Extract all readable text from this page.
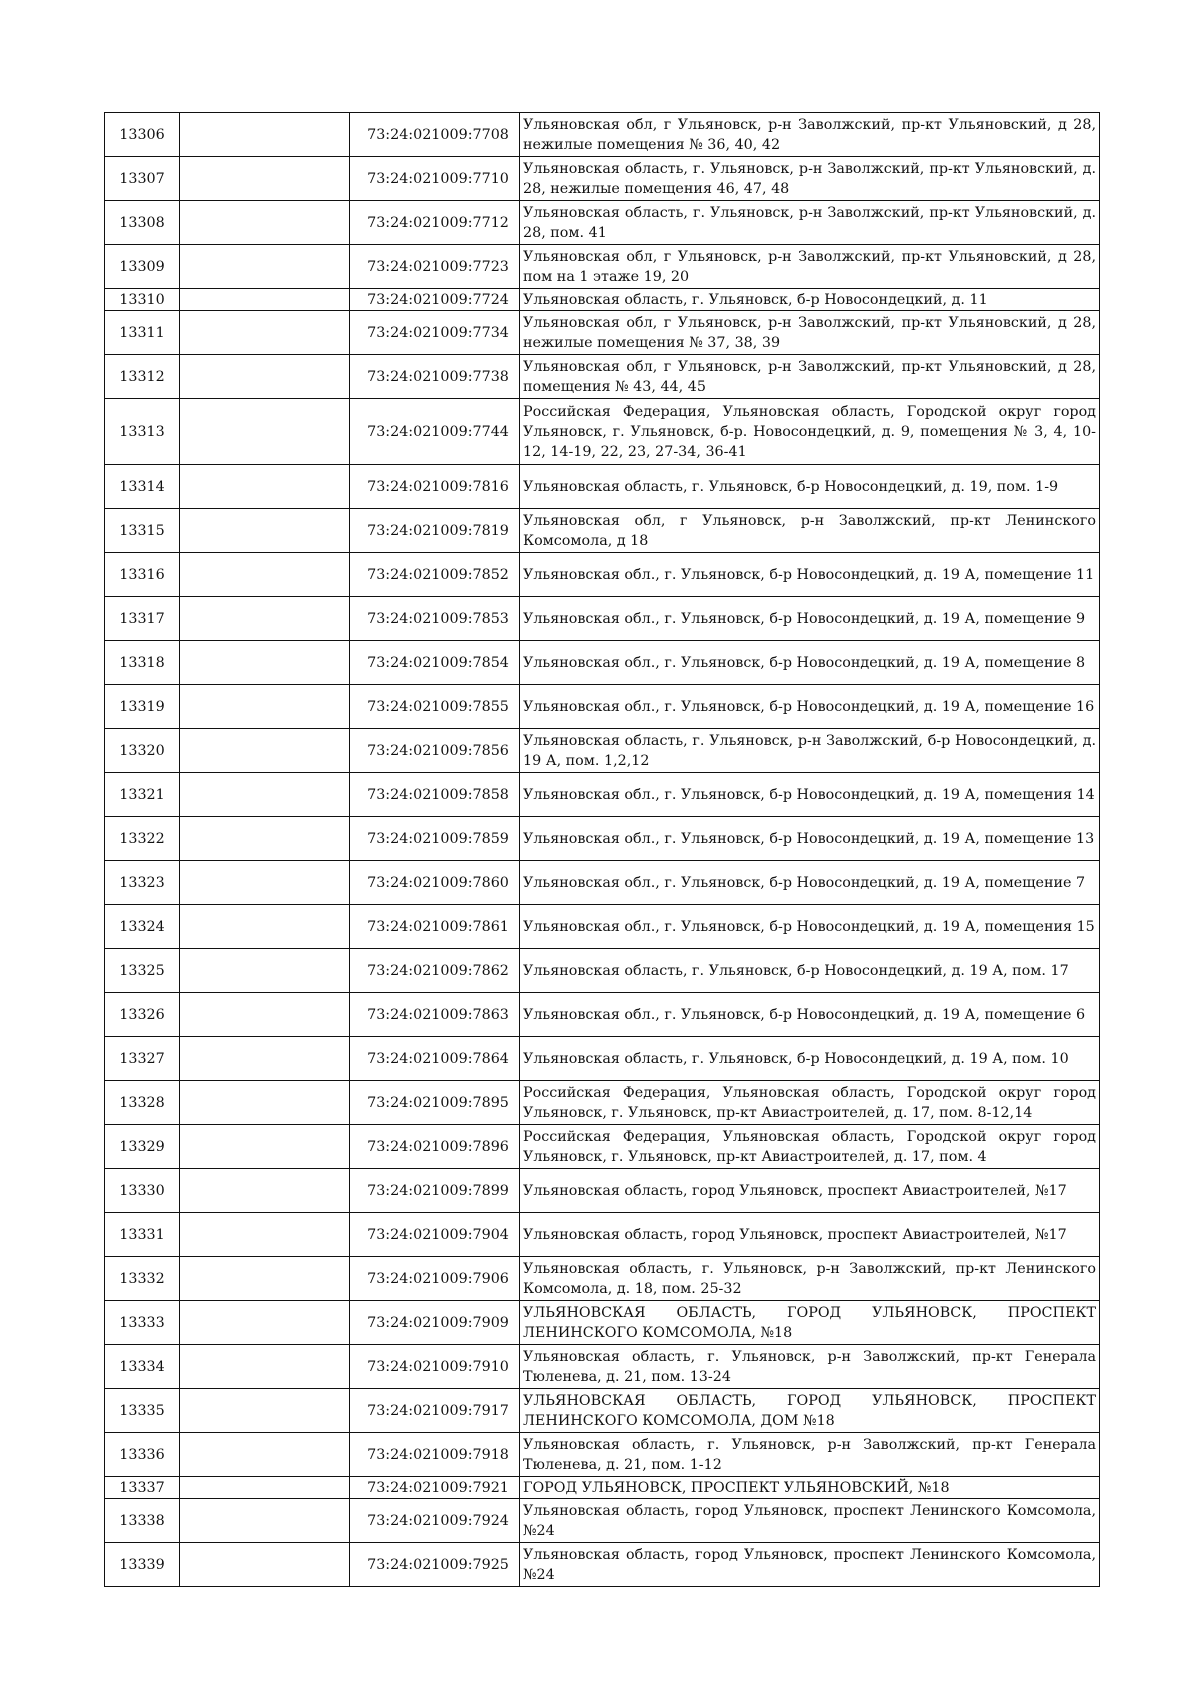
13306		73:24:021009:7708	Ульяновская обл, г Ульяновск, р-н Заволжский, пр-кт Ульяновский, д 28, нежилые помещения № 36, 40, 42
13307		73:24:021009:7710	Ульяновская область, г. Ульяновск, р-н Заволжский, пр-кт Ульяновский, д. 28, нежилые помещения 46, 47, 48
13308		73:24:021009:7712	Ульяновская область, г. Ульяновск, р-н Заволжский, пр-кт Ульяновский, д. 28, пом. 41
13309		73:24:021009:7723	Ульяновская обл, г Ульяновск, р-н Заволжский, пр-кт Ульяновский, д 28, пом на 1 этаже 19, 20
13310		73:24:021009:7724	Ульяновская область, г. Ульяновск, б-р Новосондецкий, д. 11
13311		73:24:021009:7734	Ульяновская обл, г Ульяновск, р-н Заволжский, пр-кт Ульяновский, д 28, нежилые помещения № 37, 38, 39
13312		73:24:021009:7738	Ульяновская обл, г Ульяновск, р-н Заволжский, пр-кт Ульяновский, д 28, помещения № 43, 44, 45
13313		73:24:021009:7744	Российская Федерация, Ульяновская область, Городской округ город Ульяновск, г. Ульяновск, б-р. Новосондецкий, д. 9, помещения № 3, 4, 10-12, 14-19, 22, 23, 27-34, 36-41
13314		73:24:021009:7816	Ульяновская область, г. Ульяновск, б-р Новосондецкий, д. 19, пом. 1-9
13315		73:24:021009:7819	Ульяновская обл, г Ульяновск, р-н Заволжский, пр-кт Ленинского Комсомола, д 18
13316		73:24:021009:7852	Ульяновская обл., г. Ульяновск, б-р Новосондецкий, д. 19 А, помещение 11
13317		73:24:021009:7853	Ульяновская обл., г. Ульяновск, б-р Новосондецкий, д. 19 А, помещение 9
13318		73:24:021009:7854	Ульяновская обл., г. Ульяновск, б-р Новосондецкий, д. 19 А, помещение 8
13319		73:24:021009:7855	Ульяновская обл., г. Ульяновск, б-р Новосондецкий, д. 19 А, помещение 16
13320		73:24:021009:7856	Ульяновская область, г. Ульяновск, р-н Заволжский, б-р Новосондецкий, д. 19 А, пом. 1,2,12
13321		73:24:021009:7858	Ульяновская обл., г. Ульяновск, б-р Новосондецкий, д. 19 А, помещения 14
13322		73:24:021009:7859	Ульяновская обл., г. Ульяновск, б-р Новосондецкий, д. 19 А, помещение 13
13323		73:24:021009:7860	Ульяновская обл., г. Ульяновск, б-р Новосондецкий, д. 19 А, помещение 7
13324		73:24:021009:7861	Ульяновская обл., г. Ульяновск, б-р Новосондецкий, д. 19 А, помещения 15
13325		73:24:021009:7862	Ульяновская область, г. Ульяновск, б-р Новосондецкий, д. 19 А, пом. 17
13326		73:24:021009:7863	Ульяновская обл., г. Ульяновск, б-р Новосондецкий, д. 19 А, помещение 6
13327		73:24:021009:7864	Ульяновская область, г. Ульяновск, б-р Новосондецкий, д. 19 А, пом. 10
13328		73:24:021009:7895	Российская Федерация, Ульяновская область, Городской округ город Ульяновск, г. Ульяновск, пр-кт Авиастроителей, д. 17, пом. 8-12,14
13329		73:24:021009:7896	Российская Федерация, Ульяновская область, Городской округ город Ульяновск, г. Ульяновск, пр-кт Авиастроителей, д. 17, пом. 4
13330		73:24:021009:7899	Ульяновская область, город Ульяновск, проспект Авиастроителей, №17
13331		73:24:021009:7904	Ульяновская область, город Ульяновск, проспект Авиастроителей, №17
13332		73:24:021009:7906	Ульяновская область, г. Ульяновск, р-н Заволжский, пр-кт Ленинского Комсомола, д. 18, пом. 25-32
13333		73:24:021009:7909	УЛЬЯНОВСКАЯ ОБЛАСТЬ, ГОРОД УЛЬЯНОВСК, ПРОСПЕКТ ЛЕНИНСКОГО КОМСОМОЛА, №18
13334		73:24:021009:7910	Ульяновская область, г. Ульяновск, р-н Заволжский, пр-кт Генерала Тюленева, д. 21, пом. 13-24
13335		73:24:021009:7917	УЛЬЯНОВСКАЯ ОБЛАСТЬ, ГОРОД УЛЬЯНОВСК, ПРОСПЕКТ ЛЕНИНСКОГО КОМСОМОЛА, ДОМ №18
13336		73:24:021009:7918	Ульяновская область, г. Ульяновск, р-н Заволжский, пр-кт Генерала Тюленева, д. 21, пом. 1-12
13337		73:24:021009:7921	ГОРОД УЛЬЯНОВСК, ПРОСПЕКТ УЛЬЯНОВСКИЙ, №18
13338		73:24:021009:7924	Ульяновская область, город Ульяновск, проспект Ленинского Комсомола, №24
13339		73:24:021009:7925	Ульяновская область, город Ульяновск, проспект Ленинского Комсомола, №24
